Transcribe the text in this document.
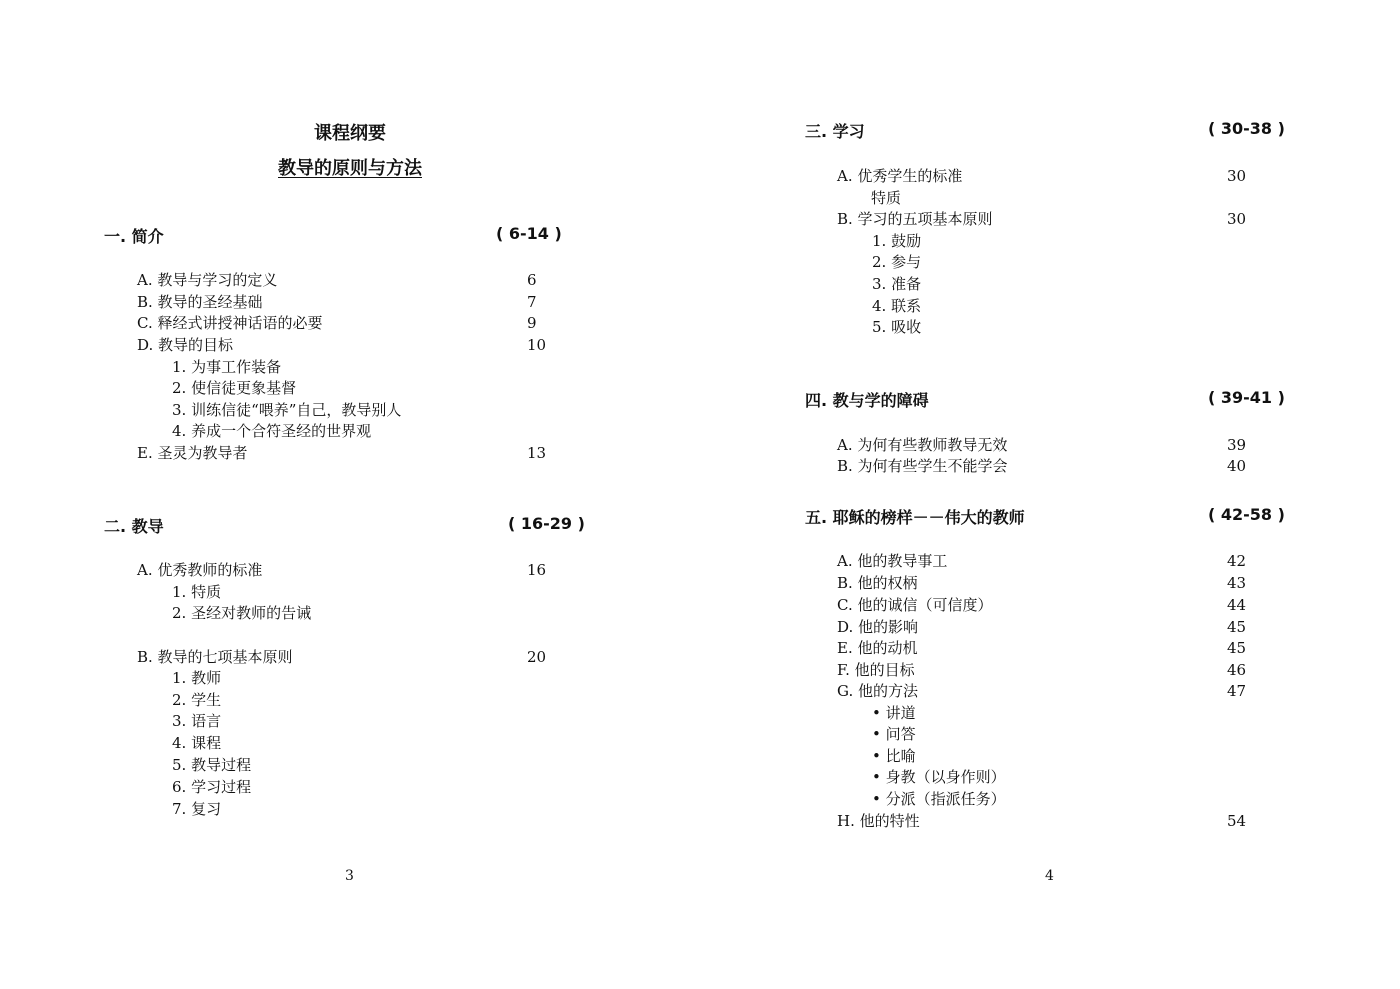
课程纲要
教导的原则与方法
一. 简介	( 6-14 )
A. 教导与学习的定义	6
B. 教导的圣经基础	7
C. 释经式讲授神话语的必要	9
D. 教导的目标	10
1. 为事工作装备
2. 使信徒更象基督
3. 训练信徒“喂养”自己，教导别人
4. 养成一个合符圣经的世界观
E. 圣灵为教导者	13
二. 教导	( 16-29 )
A. 优秀教师的标准	16
1. 特质
2. 圣经对教师的告诫
B. 教导的七项基本原则	20
1. 教师
2. 学生
3. 语言
4. 课程
5. 教导过程
6. 学习过程
7. 复习
3
三. 学习	( 30-38 )
A. 优秀学生的标准	30
特质
B. 学习的五项基本原则	30
1. 鼓励
2. 参与
3. 准备
4. 联系
5. 吸收
四. 教与学的障碍	( 39-41 )
A. 为何有些教师教导无效	39
B. 为何有些学生不能学会	40
五. 耶稣的榜样－－伟大的教师	( 42-58 )
A. 他的教导事工	42
B. 他的权柄	43
C. 他的诚信（可信度）	44
D. 他的影响	45
E. 他的动机	45
F. 他的目标	46
G. 他的方法	47
• 讲道
• 问答
• 比喻
• 身教（以身作则）
• 分派（指派任务）
H. 他的特性	54
4
